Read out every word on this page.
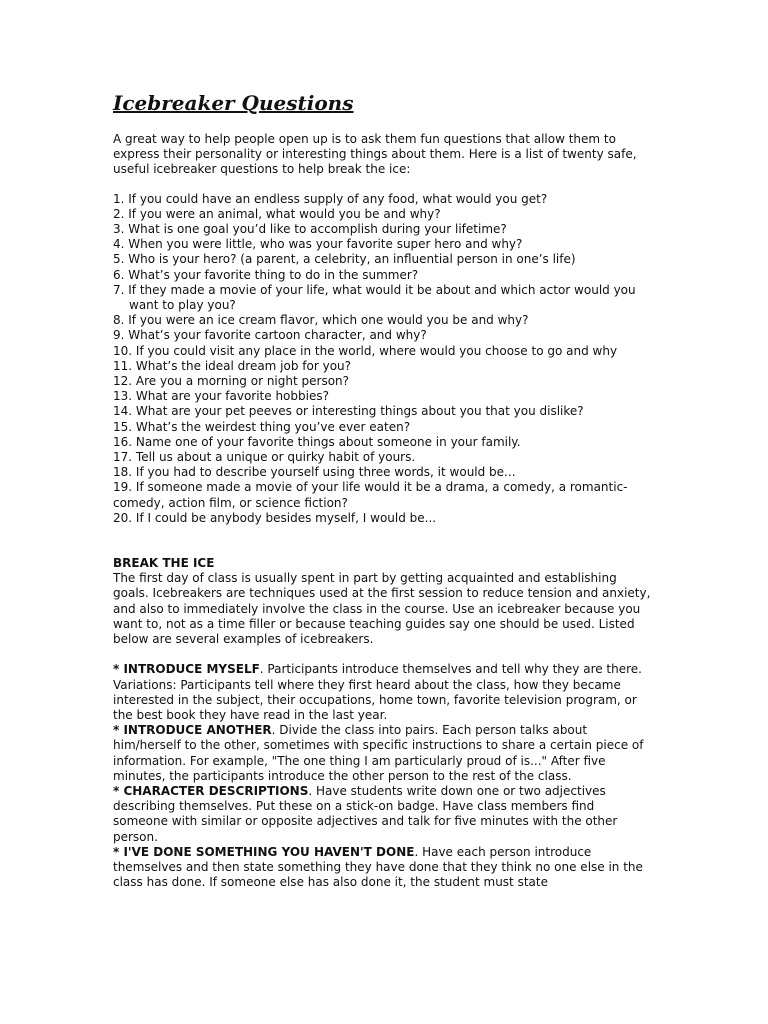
Icebreaker Questions

A great way to help people open up is to ask them fun questions that allow them to express their personality or interesting things about them. Here is a list of twenty safe, useful icebreaker questions to help break the ice:

1. If you could have an endless supply of any food, what would you get?
2. If you were an animal, what would you be and why?
3. What is one goal you’d like to accomplish during your lifetime?
4. When you were little, who was your favorite super hero and why?
5. Who is your hero? (a parent, a celebrity, an influential person in one’s life)
6. What’s your favorite thing to do in the summer?
7. If they made a movie of your life, what would it be about and which actor would you want to play you?
8. If you were an ice cream flavor, which one would you be and why?
9. What’s your favorite cartoon character, and why?
10. If you could visit any place in the world, where would you choose to go and why
11. What’s the ideal dream job for you?
12. Are you a morning or night person?
13. What are your favorite hobbies?
14. What are your pet peeves or interesting things about you that you dislike?
15. What’s the weirdest thing you’ve ever eaten?
16. Name one of your favorite things about someone in your family.
17. Tell us about a unique or quirky habit of yours.
18. If you had to describe yourself using three words, it would be...
19. If someone made a movie of your life would it be a drama, a comedy, a romantic-comedy, action film, or science fiction?
20. If I could be anybody besides myself, I would be...
BREAK THE ICE

The first day of class is usually spent in part by getting acquainted and establishing goals. Icebreakers are techniques used at the first session to reduce tension and anxiety, and also to immediately involve the class in the course. Use an icebreaker because you want to, not as a time filler or because teaching guides say one should be used. Listed below are several examples of icebreakers.

* INTRODUCE MYSELF. Participants introduce themselves and tell why they are there. Variations: Participants tell where they first heard about the class, how they became interested in the subject, their occupations, home town, favorite television program, or the best book they have read in the last year.

* INTRODUCE ANOTHER. Divide the class into pairs. Each person talks about him/herself to the other, sometimes with specific instructions to share a certain piece of information. For example, "The one thing I am particularly proud of is..." After five minutes, the participants introduce the other person to the rest of the class.

* CHARACTER DESCRIPTIONS. Have students write down one or two adjectives describing themselves. Put these on a stick-on badge. Have class members find someone with similar or opposite adjectives and talk for five minutes with the other person.

* I'VE DONE SOMETHING YOU HAVEN'T DONE. Have each person introduce themselves and then state something they have done that they think no one else in the class has done. If someone else has also done it, the student must state
